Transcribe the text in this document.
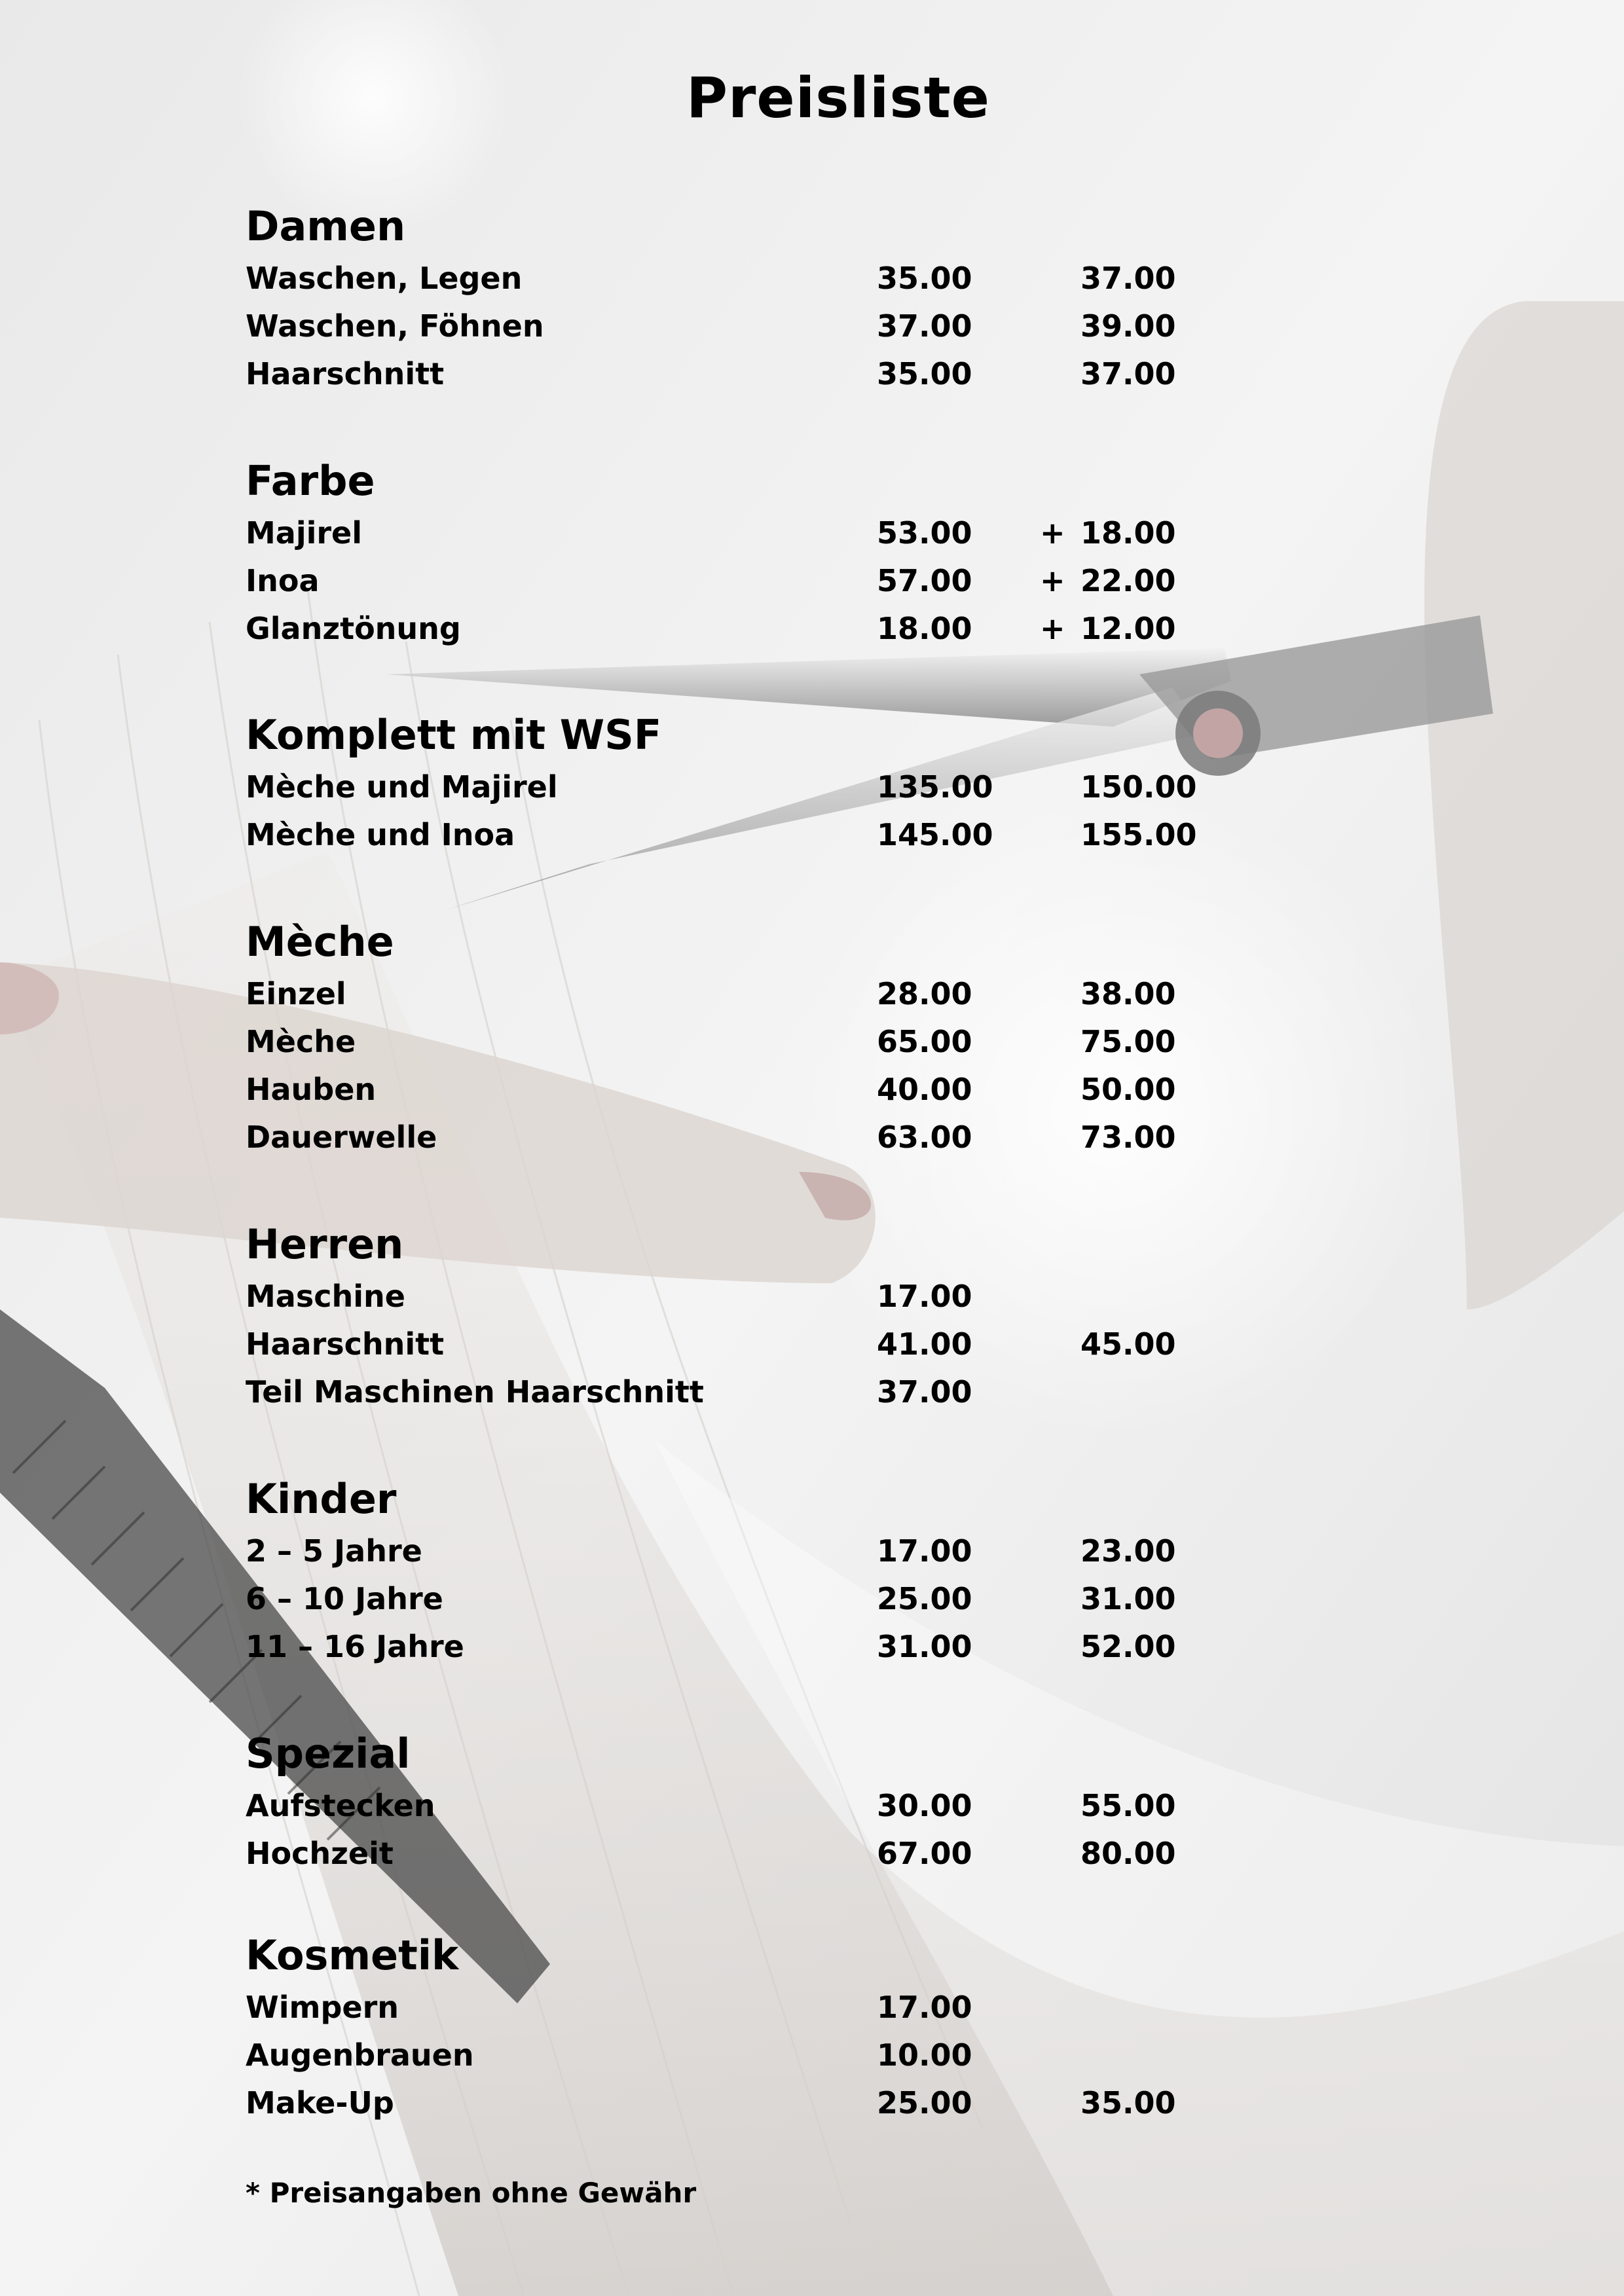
Preisliste
Damen
Waschen, Legen	35.00	37.00
Waschen, Föhnen	37.00	39.00
Haarschnitt	35.00	37.00
Farbe
Majirel	53.00 + 18.00
Inoa	57.00 + 22.00
Glanztönung	18.00 + 12.00
Komplett mit WSF
Mèche und Majirel	135.00	150.00
Mèche und Inoa	145.00	155.00
Mèche
Einzel	28.00	38.00
Mèche	65.00	75.00
Hauben	40.00	50.00
Dauerwelle	63.00	73.00
Herren
Maschine	17.00
Haarschnitt	41.00	45.00
Teil Maschinen Haarschnitt	37.00
Kinder
2 – 5 Jahre	17.00	23.00
6 – 10 Jahre	25.00	31.00
11 – 16 Jahre	31.00	52.00
Spezial
Aufstecken	30.00	55.00
Hochzeit	67.00	80.00
Kosmetik
Wimpern	17.00
Augenbrauen	10.00
Make-Up	25.00	35.00
* Preisangaben ohne Gewähr
